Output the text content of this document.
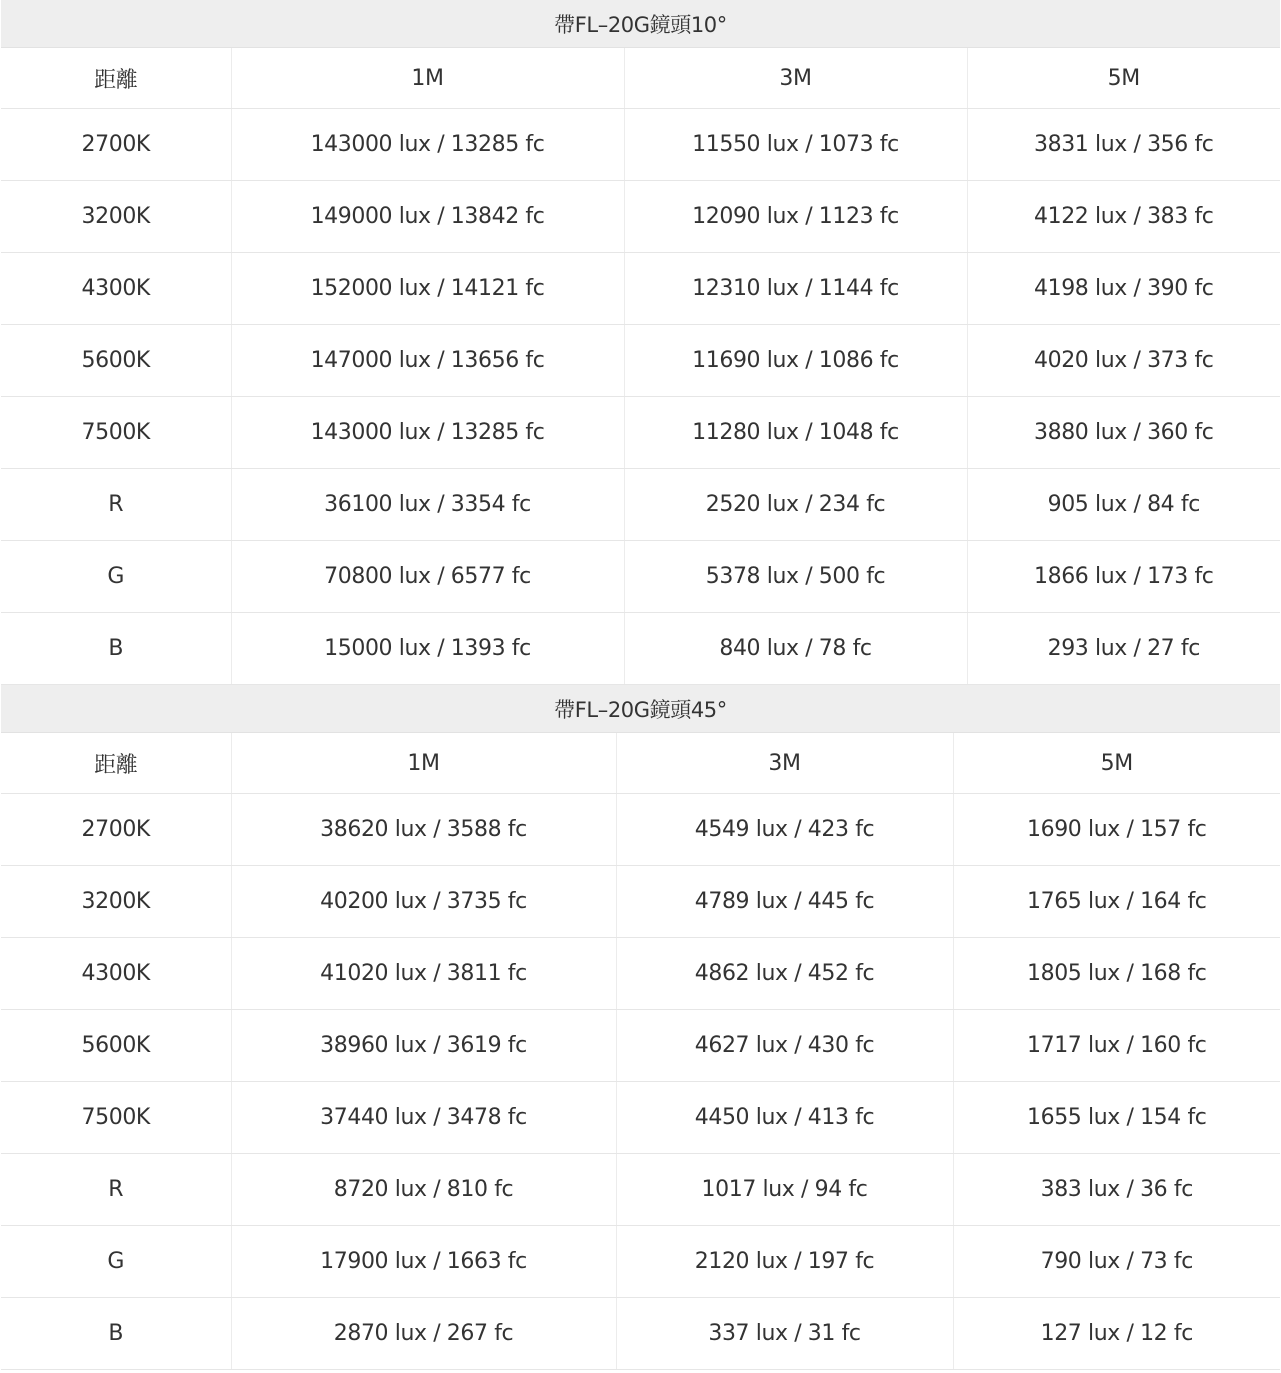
帶FL–20G鏡頭10°			
距離	1M	3M	5M
2700K	143000 lux / 13285 fc	11550 lux / 1073 fc	3831 lux / 356 fc
3200K	149000 lux / 13842 fc	12090 lux / 1123 fc	4122 lux / 383 fc
4300K	152000 lux / 14121 fc	12310 lux / 1144 fc	4198 lux / 390 fc
5600K	147000 lux / 13656 fc	11690 lux / 1086 fc	4020 lux / 373 fc
7500K	143000 lux / 13285 fc	11280 lux / 1048 fc	3880 lux / 360 fc
R	36100 lux / 3354 fc	2520 lux / 234 fc	905 lux / 84 fc
G	70800 lux / 6577 fc	5378 lux / 500 fc	1866 lux / 173 fc
B	15000 lux / 1393 fc	840 lux / 78 fc	293 lux / 27 fc
帶FL–20G鏡頭45°			
距離	1M	3M	5M
2700K	38620 lux / 3588 fc	4549 lux / 423 fc	1690 lux / 157 fc
3200K	40200 lux / 3735 fc	4789 lux / 445 fc	1765 lux / 164 fc
4300K	41020 lux / 3811 fc	4862 lux / 452 fc	1805 lux / 168 fc
5600K	38960 lux / 3619 fc	4627 lux / 430 fc	1717 lux / 160 fc
7500K	37440 lux / 3478 fc	4450 lux / 413 fc	1655 lux / 154 fc
R	8720 lux / 810 fc	1017 lux / 94 fc	383 lux / 36 fc
G	17900 lux / 1663 fc	2120 lux / 197 fc	790 lux / 73 fc
B	2870 lux / 267 fc	337 lux / 31 fc	127 lux / 12 fc
